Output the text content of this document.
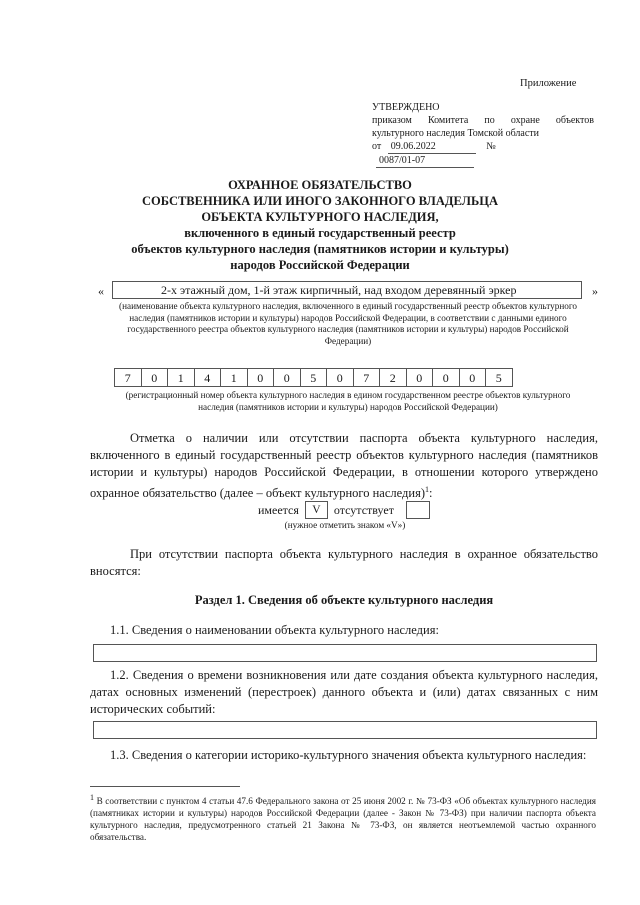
Приложение
УТВЕРЖДЕНО
приказом Комитета по охране объектов
культурного наследия Томской области
от 09.06.2022	№ 0087/01-07
ОХРАННОЕ ОБЯЗАТЕЛЬСТВО
СОБСТВЕННИКА ИЛИ ИНОГО ЗАКОННОГО ВЛАДЕЛЬЦА
ОБЪЕКТА КУЛЬТУРНОГО НАСЛЕДИЯ,
включенного в единый государственный реестр
объектов культурного наследия (памятников истории и культуры)
народов Российской Федерации
«	2-х этажный дом, 1-й этаж кирпичный, над входом деревянный эркер	»
(наименование объекта культурного наследия, включенного в единый государственный реестр объектов культурного наследия (памятников истории и культуры) народов Российской Федерации, в соответствии с данными единого государственного реестра объектов культурного наследия (памятников истории и культуры) народов Российской Федерации)
7	0	1	4	1	0	0	5	0	7	2	0	0	0	5
(регистрационный номер объекта культурного наследия в едином государственном реестре объектов культурного наследия (памятников истории и культуры) народов Российской Федерации)
Отметка о наличии или отсутствии паспорта объекта культурного наследия, включенного в единый государственный реестр объектов культурного наследия (памятников истории и культуры) народов Российской Федерации, в отношении которого утверждено охранное обязательство (далее – объект культурного наследия)$^1$:
имеется	V	отсутствует
(нужное отметить знаком «V»)
При отсутствии паспорта объекта культурного наследия в охранное обязательство вносятся:
Раздел 1. Сведения об объекте культурного наследия
1.1. Сведения о наименовании объекта культурного наследия:
1.2. Сведения о времени возникновения или дате создания объекта культурного наследия, датах основных изменений (перестроек) данного объекта и (или) датах связанных с ним исторических событий:
1.3. Сведения о категории историко-культурного значения объекта культурного наследия:
$^1$ В соответствии с пунктом 4 статьи 47.6 Федерального закона от 25 июня 2002 г. № 73-ФЗ «Об объектах культурного наследия (памятниках истории и культуры) народов Российской Федерации (далее - Закон № 73-ФЗ) при наличии паспорта объекта культурного наследия, предусмотренного статьей 21 Закона № 73-ФЗ, он является неотъемлемой частью охранного обязательства.
